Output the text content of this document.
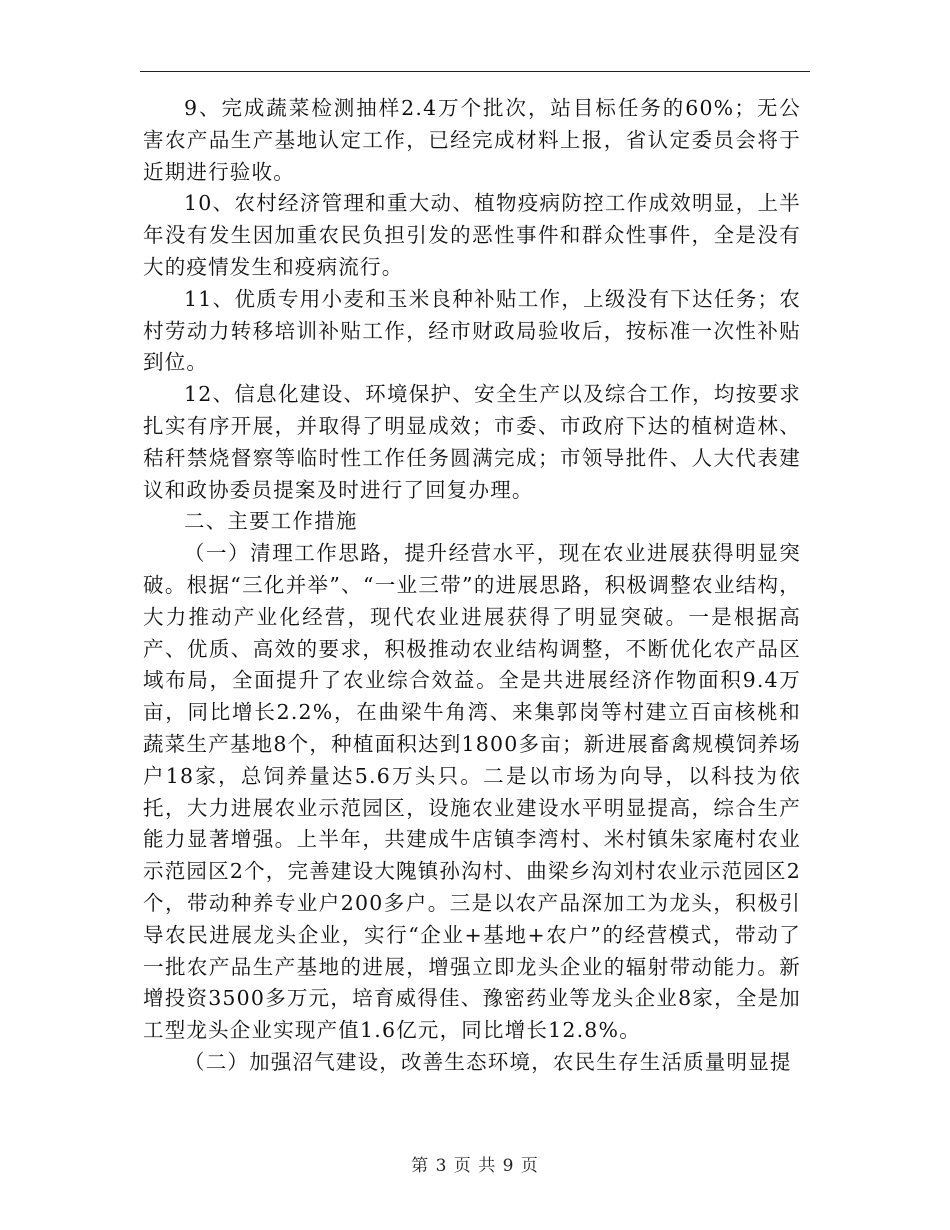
9、完成蔬菜检测抽样2.4万个批次，站目标任务的60%；无公害农产品生产基地认定工作，已经完成材料上报，省认定委员会将于近期进行验收。

10、农村经济管理和重大动、植物疫病防控工作成效明显，上半年没有发生因加重农民负担引发的恶性事件和群众性事件，全是没有大的疫情发生和疫病流行。

11、优质专用小麦和玉米良种补贴工作，上级没有下达任务；农村劳动力转移培训补贴工作，经市财政局验收后，按标准一次性补贴到位。

12、信息化建设、环境保护、安全生产以及综合工作，均按要求扎实有序开展，并取得了明显成效；市委、市政府下达的植树造林、秸秆禁烧督察等临时性工作任务圆满完成；市领导批件、人大代表建议和政协委员提案及时进行了回复办理。

二、主要工作措施

（一）清理工作思路，提升经营水平，现在农业进展获得明显突破。根据“三化并举”、“一业三带”的进展思路，积极调整农业结构，大力推动产业化经营，现代农业进展获得了明显突破。一是根据高产、优质、高效的要求，积极推动农业结构调整，不断优化农产品区域布局，全面提升了农业综合效益。全是共进展经济作物面积9.4万亩，同比增长2.2%，在曲梁牛角湾、来集郭岗等村建立百亩核桃和蔬菜生产基地8个，种植面积达到1800多亩；新进展畜禽规模饲养场户18家，总饲养量达5.6万头只。二是以市场为向导，以科技为依托，大力进展农业示范园区，设施农业建设水平明显提高，综合生产能力显著增强。上半年，共建成牛店镇李湾村、米村镇朱家庵村农业示范园区2个，完善建设大隗镇孙沟村、曲梁乡沟刘村农业示范园区2个，带动种养专业户200多户。三是以农产品深加工为龙头，积极引导农民进展龙头企业，实行“企业+基地+农户”的经营模式，带动了一批农产品生产基地的进展，增强立即龙头企业的辐射带动能力。新增投资3500多万元，培育威得佳、豫密药业等龙头企业8家，全是加工型龙头企业实现产值1.6亿元，同比增长12.8%。

（二）加强沼气建设，改善生态环境，农民生存生活质量明显提

第 3 页 共 9 页
